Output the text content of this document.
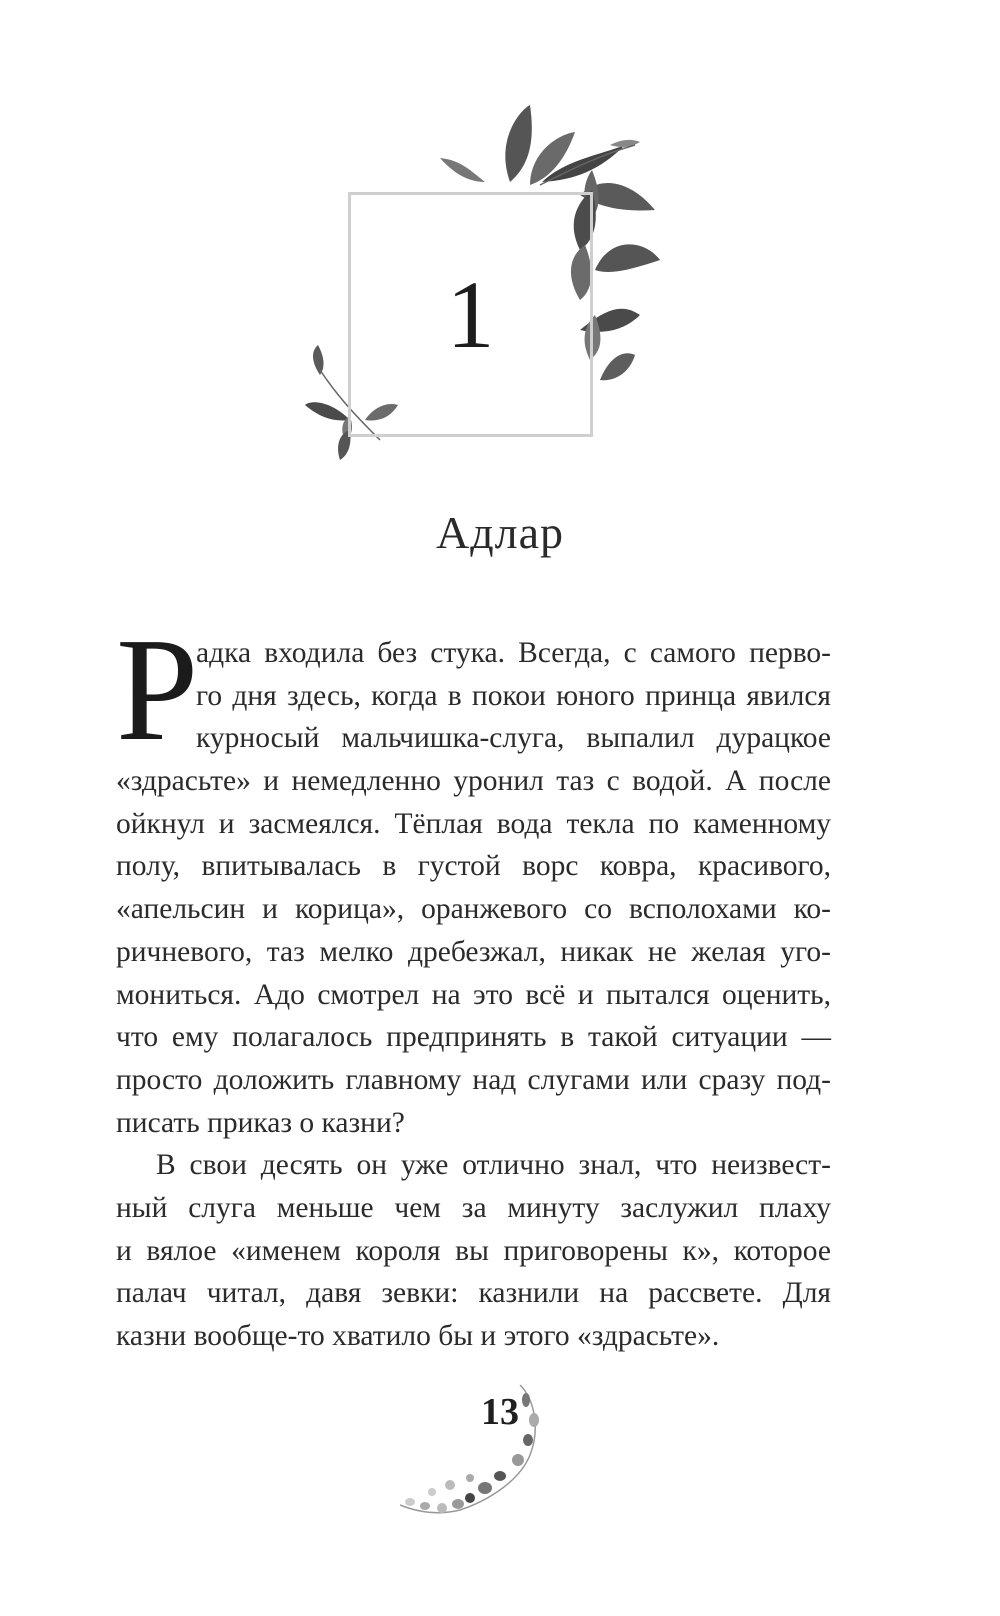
1
Адлар
Р
адка входила без стука. Всегда, с самого перво-
го дня здесь, когда в покои юного принца явился
курносый мальчишка-слуга, выпалил дурацкое
«здрасьте» и немедленно уронил таз с водой. А после
ойкнул и засмеялся. Тёплая вода текла по каменному
полу, впитывалась в густой ворс ковра, красивого,
«апельсин и корица», оранжевого со всполохами ко-
ричневого, таз мелко дребезжал, никак не желая уго-
мониться. Адо смотрел на это всё и пытался оценить,
что ему полагалось предпринять в такой ситуации —
просто доложить главному над слугами или сразу под-
писать приказ о казни?
В свои десять он уже отлично знал, что неизвест-
ный слуга меньше чем за минуту заслужил плаху
и вялое «именем короля вы приговорены к», которое
палач читал, давя зевки: казнили на рассвете. Для
казни вообще-то хватило бы и этого «здрасьте».
13
